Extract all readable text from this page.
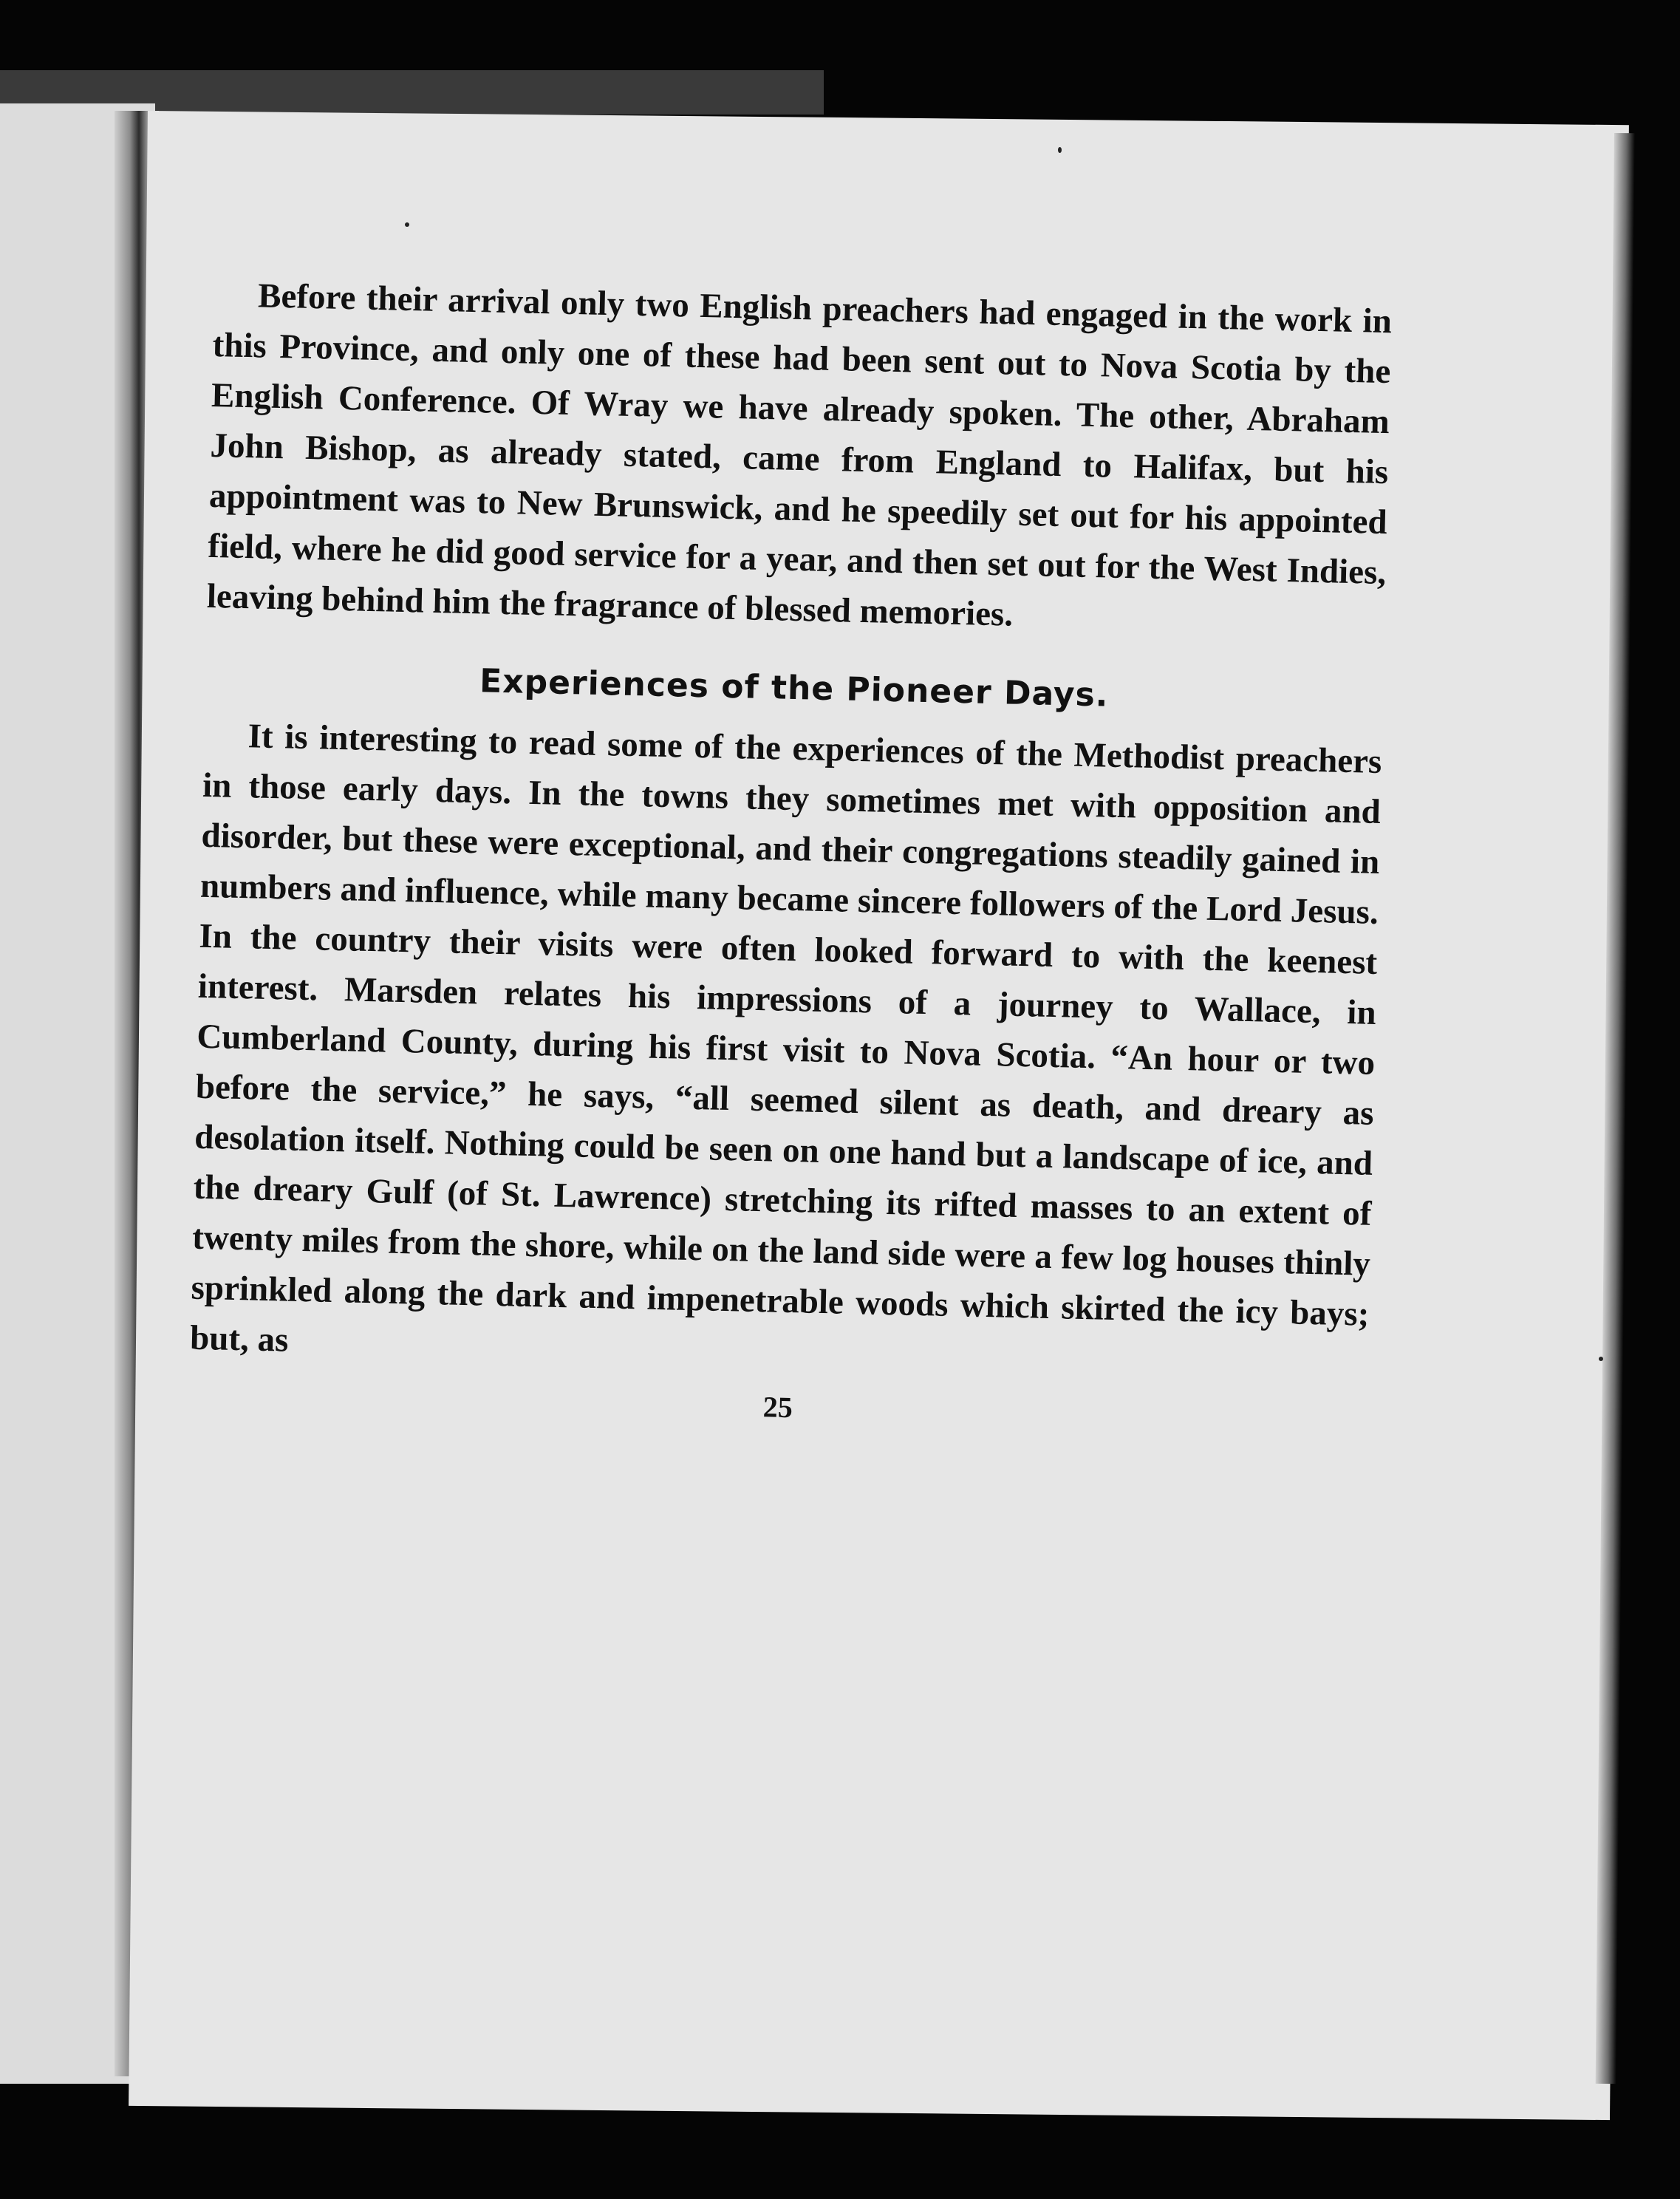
Before their arrival only two English preachers had engaged in the work in this Province, and only one of these had been sent out to Nova Scotia by the English Conference. Of Wray we have already spoken. The other, Abraham John Bishop, as already stated, came from England to Halifax, but his appointment was to New Brunswick, and he speedily set out for his appointed field, where he did good service for a year, and then set out for the West Indies, leaving behind him the fragrance of blessed memories.

Experiences of the Pioneer Days.

It is interesting to read some of the experiences of the Methodist preachers in those early days. In the towns they sometimes met with opposition and disorder, but these were exceptional, and their congregations steadily gained in numbers and influence, while many became sincere followers of the Lord Jesus. In the country their visits were often looked forward to with the keenest interest. Marsden relates his impressions of a journey to Wallace, in Cumberland County, during his first visit to Nova Scotia. “An hour or two before the service,” he says, “all seemed silent as death, and dreary as desolation itself. Nothing could be seen on one hand but a landscape of ice, and the dreary Gulf (of St. Lawrence) stretching its rifted masses to an extent of twenty miles from the shore, while on the land side were a few log houses thinly sprinkled along the dark and impenetrable woods which skirted the icy bays; but, as

25
